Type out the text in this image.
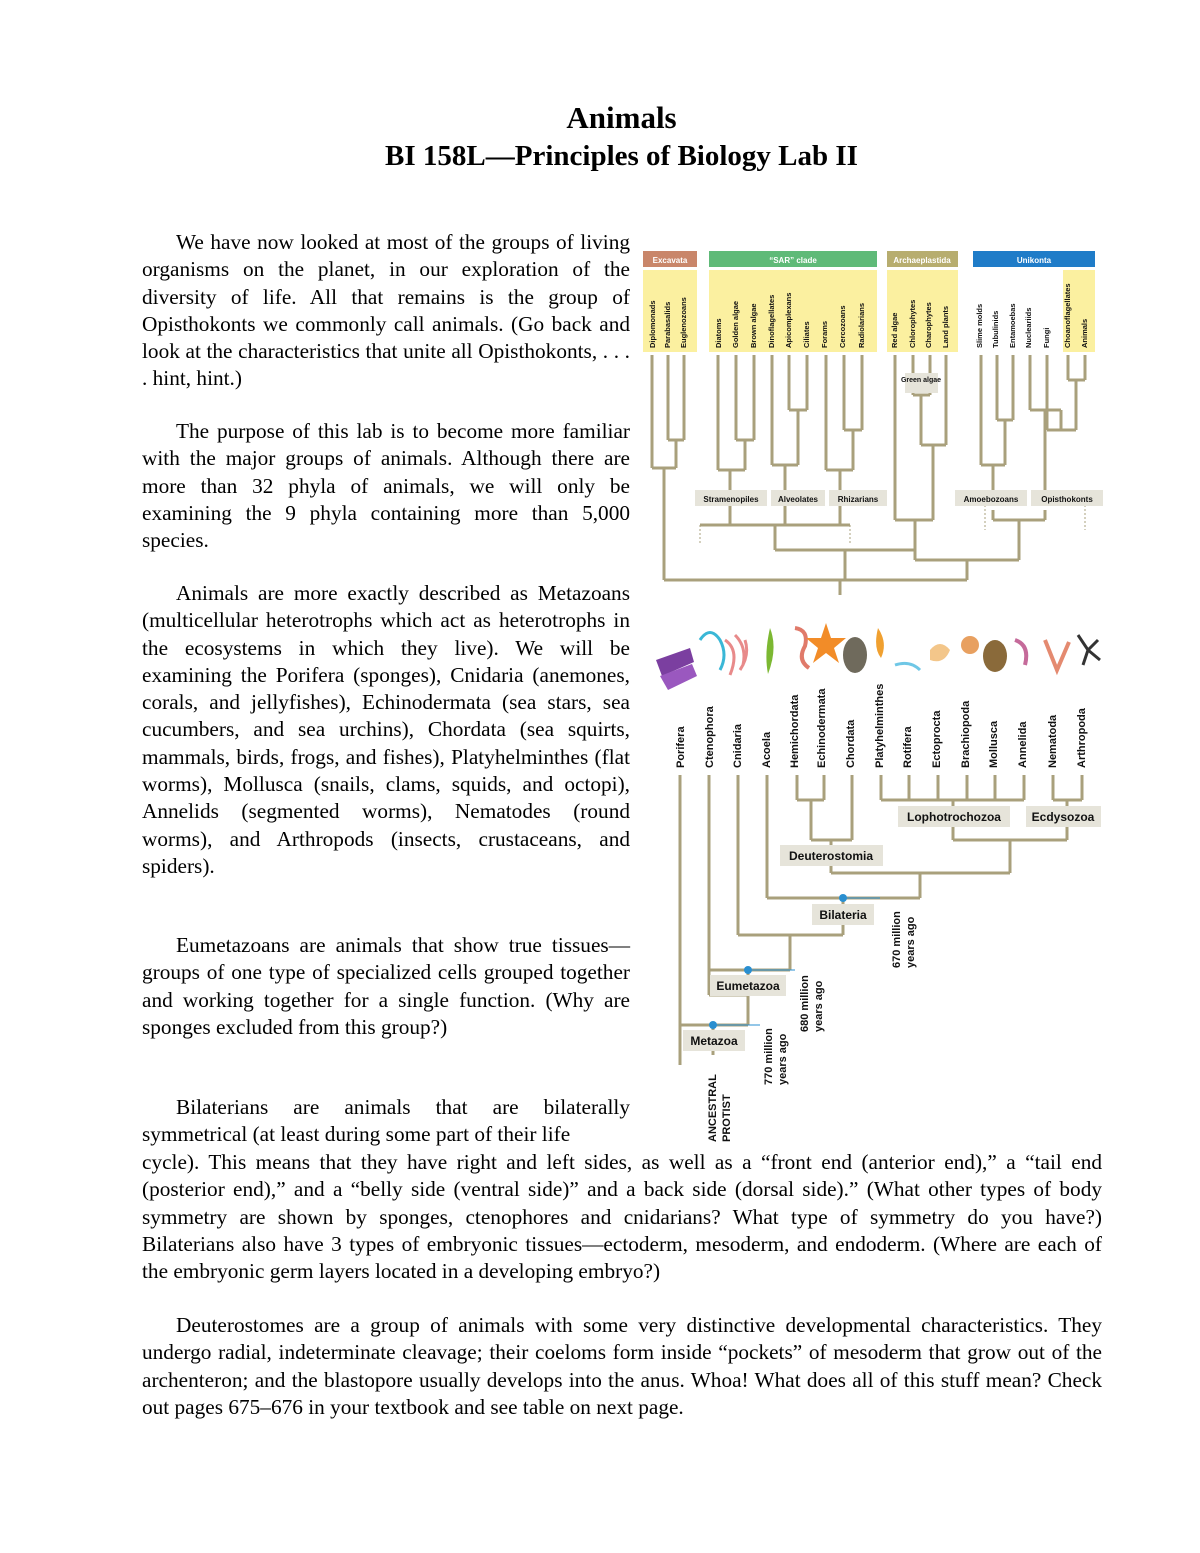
Animals
BI 158L—Principles of Biology Lab II

We have now looked at most of the groups of living organisms on the planet, in our exploration of the diversity of life. All that remains is the group of Opisthokonts we commonly call animals. (Go back and look at the characteristics that unite all Opisthokonts, . . . . hint, hint.)

The purpose of this lab is to become more familiar with the major groups of animals. Although there are more than 32 phyla of animals, we will only be examining the 9 phyla containing more than 5,000 species.

Animals are more exactly described as Metazoans (multicellular heterotrophs which act as heterotrophs in the ecosystems in which they live). We will be examining the Porifera (sponges), Cnidaria (anemones, corals, and jellyfishes), Echinodermata (sea stars, sea cucumbers, and sea urchins), Chordata (sea squirts, mammals, birds, frogs, and fishes), Platyhelminthes (flat worms), Mollusca (snails, clams, squids, and octopi), Annelids (segmented worms), Nematodes (round worms), and Arthropods (insects, crustaceans, and spiders).

Eumetazoans are animals that show true tissues—groups of one type of specialized cells grouped together and working together for a single function. (Why are sponges excluded from this group?)

Bilaterians are animals that are bilaterally symmetrical (at least during some part of their life

cycle). This means that they have right and left sides, as well as a “front end (anterior end),” a “tail end (posterior end),” and a “belly side (ventral side)” and a back side (dorsal side).” (What other types of body symmetry are shown by sponges, ctenophores and cnidarians? What type of symmetry do you have?) Bilaterians also have 3 types of embryonic tissues—ectoderm, mesoderm, and endoderm. (Where are each of the embryonic germ layers located in a developing embryo?)

Deuterostomes are a group of animals with some very distinctive developmental characteristics. They undergo radial, indeterminate cleavage; their coeloms form inside “pockets” of mesoderm that grow out of the archenteron; and the blastopore usually develops into the anus. Whoa! What does all of this stuff mean? Check out pages 675–676 in your textbook and see table on next page.

Excavata	“SAR” clade	Archaeplastida	Unikonta
Diplomonads Parabasalids Euglenozoans	Diatoms Golden algae Brown algae Dinoflagellates Apicomplexans Ciliates Forams Cercozoans Radiolarians	Red algae Chlorophytes Charophytes Land plants	Slime molds Tubulinids Entamoebas Nucleariids Fungi Choanoflagellates Animals
Green algae
Stramenopiles Alveolates Rhizarians	Amoebozoans	Opisthokonts
Porifera Ctenophora Cnidaria Acoela Hemichordata Echinodermata Chordata Platyhelminthes Rotifera Ectoprocta Brachiopoda Mollusca Annelida Nematoda Arthropoda
Lophotrochozoa	Ecdysozoa
Deuterostomia
Bilateria
Eumetazoa
Metazoa
670 million years ago
680 million years ago
770 million years ago
ANCESTRAL PROTIST
